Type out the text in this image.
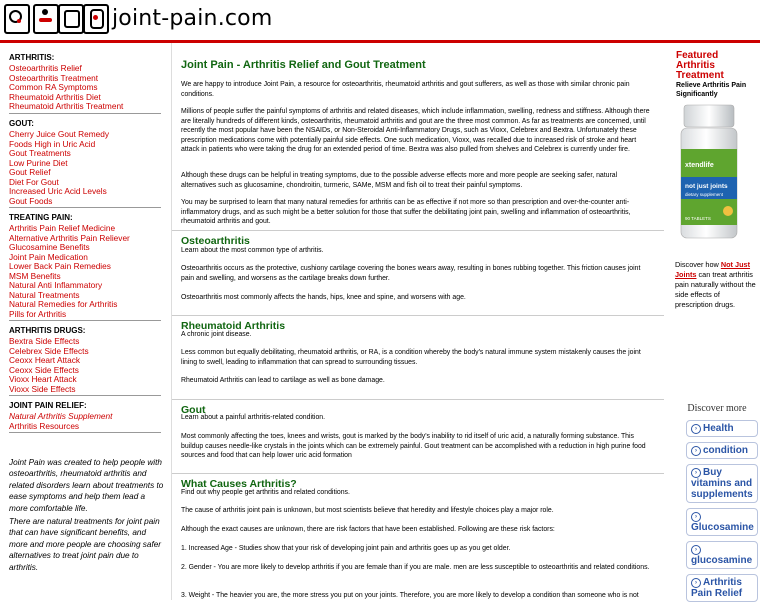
joint-pain.com
ARTHRITIS:
Osteoarthritis Relief
Osteoarthritis Treatment
Common RA Symptoms
Rheumatoid Arthritis Diet
Rheumatoid Arthritis Treatment
GOUT:
Cherry Juice Gout Remedy
Foods High in Uric Acid
Gout Treatments
Low Purine Diet
Gout Relief
Diet For Gout
Increased Uric Acid Levels
Gout Foods
TREATING PAIN:
Arthritis Pain Relief Medicine
Alternative Arthritis Pain Reliever
Glucosamine Benefits
Joint Pain Medication
Lower Back Pain Remedies
MSM Benefits
Natural Anti Inflammatory
Natural Treatments
Natural Remedies for Arthritis
Pills for Arthritis
ARTHRITIS DRUGS:
Bextra Side Effects
Celebrex Side Effects
Ceoxx Heart Attack
Ceoxx Side Effects
Vioxx Heart Attack
Vioxx Side Effects
JOINT PAIN RELIEF:
Natural Arthritis Supplement
Arthritis Resources
Joint Pain was created to help people with osteoarthritis, rheumatoid arthritis and related disorders learn about treatments to ease symptoms and help them lead a more comfortable life.
There are natural treatments for joint pain that can have significant benefits, and more and more people are choosing safer alternatives to treat joint pain due to arthritis.
Joint Pain - Arthritis Relief and Gout Treatment
We are happy to introduce Joint Pain, a resource for osteoarthritis, rheumatoid arthritis and gout sufferers, as well as those with similar chronic pain conditions.
Millions of people suffer the painful symptoms of arthritis and related diseases, which include inflammation, swelling, redness and stiffness. Although there are literally hundreds of different kinds, osteoarthritis, rheumatoid arthritis and gout are the three most common. As far as treatments are concerned, until recently the most popular have been the NSAIDs, or Non-Steroidal Anti-Inflammatory Drugs, such as Vioxx, Celebrex and Bextra. Unfortunately these prescription medications come with potentially painful side effects. One such medication, Vioxx, was recalled due to increased risk of stroke and heart attack in patients who were taking the drug for an extended period of time. Bextra was also pulled from shelves and Celebrex is currently under fire.
Although these drugs can be helpful in treating symptoms, due to the possible adverse effects more and more people are seeking safer, natural alternatives such as glucosamine, chondroitin, turmeric, SAMe, MSM and fish oil to treat their painful symptoms.
You may be surprised to learn that many natural remedies for arthritis can be as effective if not more so than prescription and over-the-counter anti-inflammatory drugs, and as such might be a better solution for those that suffer the debilitating joint pain, swelling and inflammation of osteoarthritis, rheumatoid arthritis and gout.
Osteoarthritis
Learn about the most common type of arthritis.
Osteoarthritis occurs as the protective, cushiony cartilage covering the bones wears away, resulting in bones rubbing together. This friction causes joint pain and swelling, and worsens as the cartilage breaks down further.
Osteoarthritis most commonly affects the hands, hips, knee and spine, and worsens with age.
Rheumatoid Arthritis
A chronic joint disease.
Less common but equally debilitating, rheumatoid arthritis, or RA, is a condition whereby the body's natural immune system mistakenly causes the joint lining to swell, leading to inflammation that can spread to surrounding tissues.
Rheumatoid Arthritis can lead to cartilage as well as bone damage.
Gout
Learn about a painful arthritis-related condition.
Most commonly affecting the toes, knees and wrists, gout is marked by the body's inability to rid itself of uric acid, a naturally forming substance. This buildup causes needle-like crystals in the joints which can be extremely painful. Gout treatment can be accomplished with a reduction in high purine food sources and food that can help lower uric acid formation
What Causes Arthritis?
Find out why people get arthritis and related conditions.
The cause of arthritis joint pain is unknown, but most scientists believe that heredity and lifestyle choices play a major role.
Although the exact causes are unknown, there are risk factors that have been established. Following are these risk factors:
1. Increased Age - Studies show that your risk of developing joint pain and arthritis goes up as you get older.
2. Gender - You are more likely to develop arthritis if you are female than if you are male. men are less susceptible to osteoarthritis and related conditions.
3. Weight - The heavier you are, the more stress you put on your joints. Therefore, you are more likely to develop a condition than someone who is not
Featured Arthritis Treatment
Relieve Arthritis Pain Significantly
xtendlife
not just joints
dietary supplement
90 TABLETS
Discover how Not Just Joints can treat arthritis pain naturally without the side effects of prescription drugs.
Discover more
› Health
› condition
› Buy vitamins and supplements
›Glucosamine
›glucosamine
› Arthritis Pain Relief
